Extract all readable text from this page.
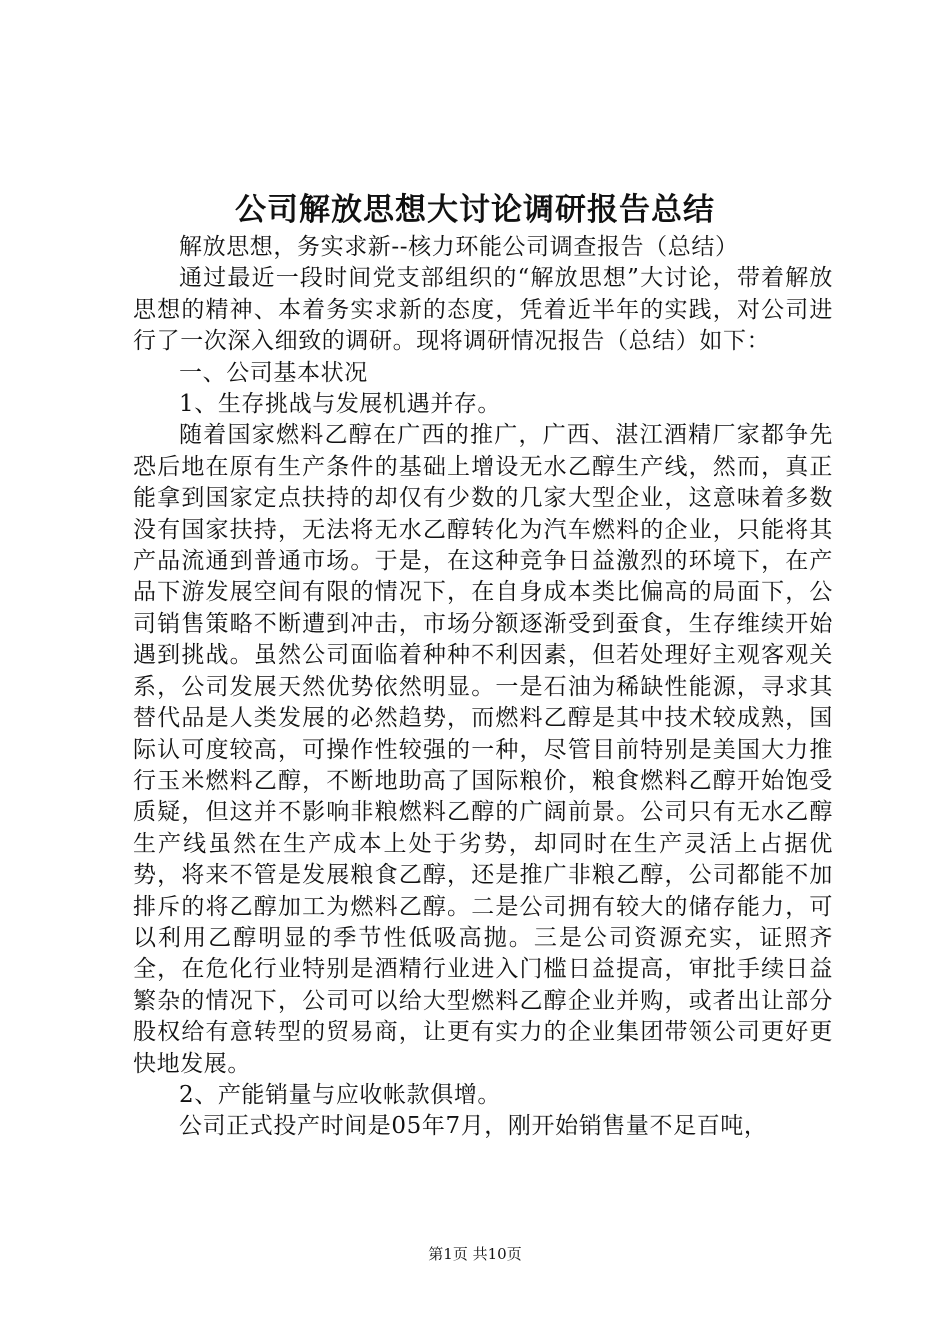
公司解放思想大讨论调研报告总结

解放思想，务实求新--核力环能公司调查报告（总结）

通过最近一段时间党支部组织的“解放思想”大讨论，带着解放思想的精神、本着务实求新的态度，凭着近半年的实践，对公司进行了一次深入细致的调研。现将调研情况报告（总结）如下：

一、公司基本状况

1、生存挑战与发展机遇并存。

随着国家燃料乙醇在广西的推广，广西、湛江酒精厂家都争先恐后地在原有生产条件的基础上增设无水乙醇生产线，然而，真正能拿到国家定点扶持的却仅有少数的几家大型企业，这意味着多数没有国家扶持，无法将无水乙醇转化为汽车燃料的企业，只能将其产品流通到普通市场。于是，在这种竞争日益激烈的环境下，在产品下游发展空间有限的情况下，在自身成本类比偏高的局面下，公司销售策略不断遭到冲击，市场分额逐渐受到蚕食，生存维续开始遇到挑战。虽然公司面临着种种不利因素，但若处理好主观客观关系，公司发展天然优势依然明显。一是石油为稀缺性能源，寻求其替代品是人类发展的必然趋势，而燃料乙醇是其中技术较成熟，国际认可度较高，可操作性较强的一种，尽管目前特别是美国大力推行玉米燃料乙醇，不断地助高了国际粮价，粮食燃料乙醇开始饱受质疑，但这并不影响非粮燃料乙醇的广阔前景。公司只有无水乙醇生产线虽然在生产成本上处于劣势，却同时在生产灵活上占据优势，将来不管是发展粮食乙醇，还是推广非粮乙醇，公司都能不加排斥的将乙醇加工为燃料乙醇。二是公司拥有较大的储存能力，可以利用乙醇明显的季节性低吸高抛。三是公司资源充实，证照齐全，在危化行业特别是酒精行业进入门槛日益提高，审批手续日益繁杂的情况下，公司可以给大型燃料乙醇企业并购，或者出让部分股权给有意转型的贸易商，让更有实力的企业集团带领公司更好更快地发展。

2、产能销量与应收帐款俱增。

公司正式投产时间是05年7月，刚开始销售量不足百吨，

第1页 共10页
